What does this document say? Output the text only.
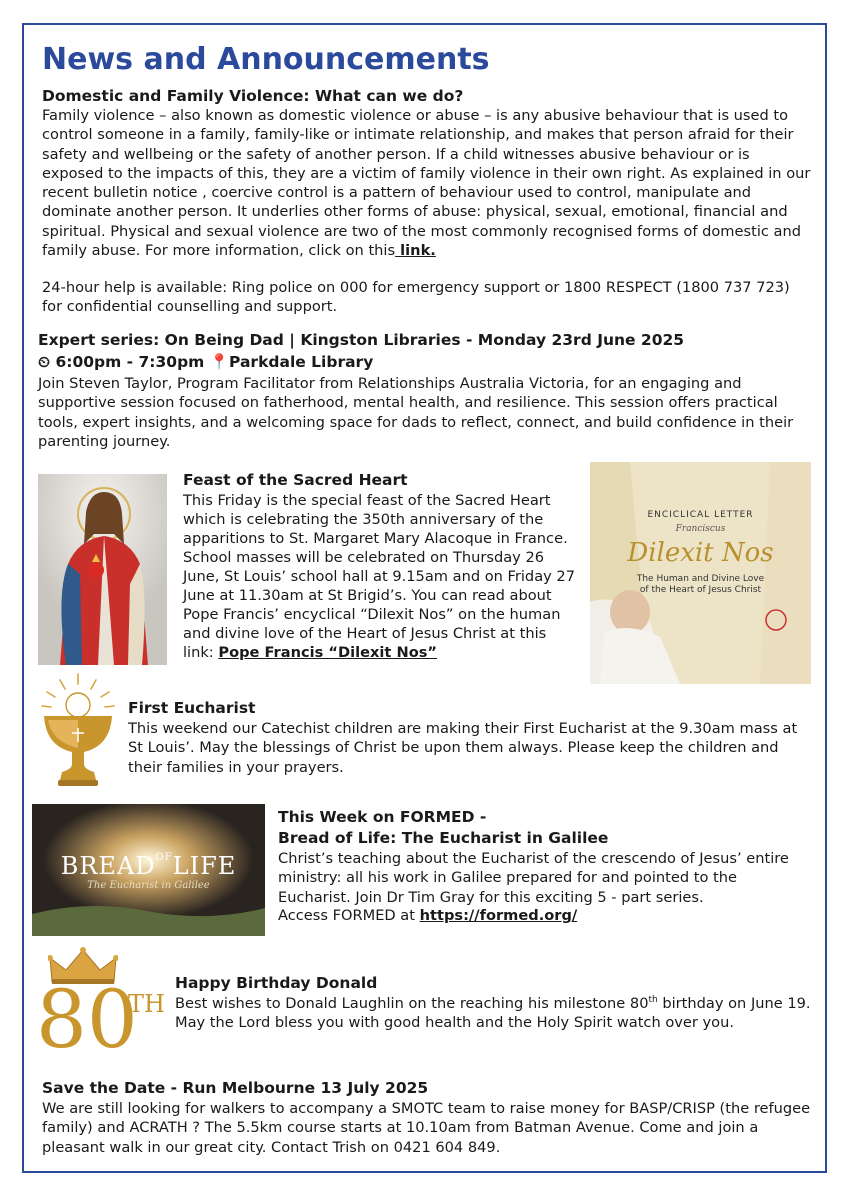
News and Announcements
Domestic and Family Violence: What can we do?
Family violence – also known as domestic violence or abuse – is any abusive behaviour that is used to control someone in a family, family-like or intimate relationship, and makes that person afraid for their safety and wellbeing or the safety of another person. If a child witnesses abusive behaviour or is exposed to the impacts of this, they are a victim of family violence in their own right. As explained in our recent bulletin notice , coercive control is a pattern of behaviour used to control, manipulate and dominate another person. It underlies other forms of abuse: physical, sexual, emotional, financial and spiritual. Physical and sexual violence are two of the most commonly recognised forms of domestic and family abuse. For more information, click on this link.
24-hour help is available: Ring police on 000 for emergency support or 1800 RESPECT (1800 737 723) for confidential counselling and support.
Expert series: On Being Dad | Kingston Libraries - Monday 23rd June 2025
⏲ 6:00pm - 7:30pm 📍Parkdale Library
Join Steven Taylor, Program Facilitator from Relationships Australia Victoria, for an engaging and supportive session focused on fatherhood, mental health, and resilience. This session offers practical tools, expert insights, and a welcoming space for dads to reflect, connect, and build confidence in their parenting journey.
Feast of the Sacred Heart
This Friday is the special feast of the Sacred Heart which is celebrating the 350th anniversary of the apparitions to St. Margaret Mary Alacoque in France. School masses will be celebrated on Thursday 26 June, St Louis’ school hall at 9.15am and on Friday 27 June at 11.30am at St Brigid’s. You can read about Pope Francis’ encyclical “Dilexit Nos” on the human and divine love of the Heart of Jesus Christ at this link: Pope Francis “Dilexit Nos”
ENCICLICAL LETTER
Franciscus
Dilexit Nos
The Human and Divine Love
of the Heart of Jesus Christ
First Eucharist
This weekend our Catechist children are making their First Eucharist at the 9.30am mass at St Louis’. May the blessings of Christ be upon them always. Please keep the children and their families in your prayers.
$BREAD^{OF}LIFE$
The Eucharist in Galilee
This Week on FORMED -
Bread of Life: The Eucharist in Galilee
Christ’s teaching about the Eucharist of the crescendo of Jesus’ entire ministry: all his work in Galilee prepared for and pointed to the Eucharist. Join Dr Tim Gray for this exciting 5 - part series.
Access FORMED at https://formed.org/
80
TH
Happy Birthday Donald
Best wishes to Donald Laughlin on the reaching his milestone 80th birthday on June 19. May the Lord bless you with good health and the Holy Spirit watch over you.
Save the Date - Run Melbourne 13 July 2025
We are still looking for walkers to accompany a SMOTC team to raise money for BASP/CRISP (the refugee family) and ACRATH ? The 5.5km course starts at 10.10am from Batman Avenue. Come and join a pleasant walk in our great city. Contact Trish on 0421 604 849.
